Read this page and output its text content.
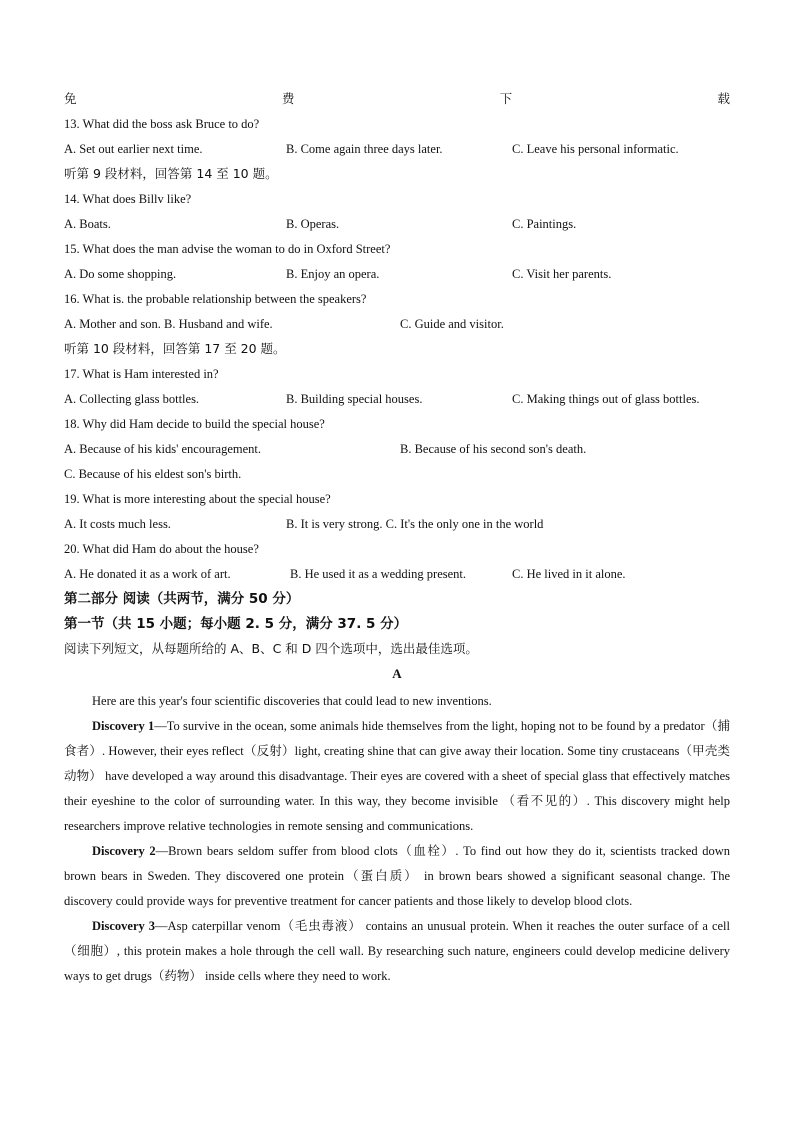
免	费	下	载
13. What did the boss ask Bruce to do?
A. Set out earlier next time.	B. Come again three days later.	C. Leave his personal informatic.
听第 9 段材料，回答第 14 至 10 题。
14. What does Billv like?
A. Boats.	B. Operas.	C. Paintings.
15. What does the man advise the woman to do in Oxford Street?
A. Do some shopping.	B. Enjoy an opera.	C. Visit her parents.
16. What is. the probable relationship between the speakers?
A. Mother and son. B. Husband and wife.	C. Guide and visitor.
听第 10 段材料，回答第 17 至 20 题。
17. What is Ham interested in?
A. Collecting glass bottles.	B. Building special houses.	C. Making things out of glass bottles.
18. Why did Ham decide to build the special house?
A. Because of his kids' encouragement.	B. Because of his second son's death.
C. Because of his eldest son's birth.
19. What is more interesting about the special house?
A. It costs much less.	B. It is very strong. C. It's the only one in the world
20. What did Ham do about the house?
A. He donated it as a work of art.	B. He used it as a wedding present.	C. He lived in it alone.
第二部分 阅读（共两节，满分 50 分）
第一节（共 15 小题；每小题 2. 5 分，满分 37. 5 分）
阅读下列短文，从每题所给的 A、B、C 和 D 四个选项中，选出最佳选项。
A

Here are this year's four scientific discoveries that could lead to new inventions.

Discovery 1—To survive in the ocean, some animals hide themselves from the light, hoping not to be found by a predator（捕食者）. However, their eyes reflect（反射）light, creating shine that can give away their location. Some tiny crustaceans（甲壳类动物） have developed a way around this disadvantage. Their eyes are covered with a sheet of special glass that effectively matches their eyeshine to the color of surrounding water. In this way, they become invisible （看不见的）. This discovery might help researchers improve relative technologies in remote sensing and communications.

Discovery 2—Brown bears seldom suffer from blood clots（血栓）. To find out how they do it, scientists tracked down brown bears in Sweden. They discovered one protein（蛋白质） in brown bears showed a significant seasonal change. The discovery could provide ways for preventive treatment for cancer patients and those likely to develop blood clots.

Discovery 3—Asp caterpillar venom（毛虫毒液） contains an unusual protein. When it reaches the outer surface of a cell（细胞）, this protein makes a hole through the cell wall. By researching such nature, engineers could develop medicine delivery ways to get drugs（药物） inside cells where they need to work.
